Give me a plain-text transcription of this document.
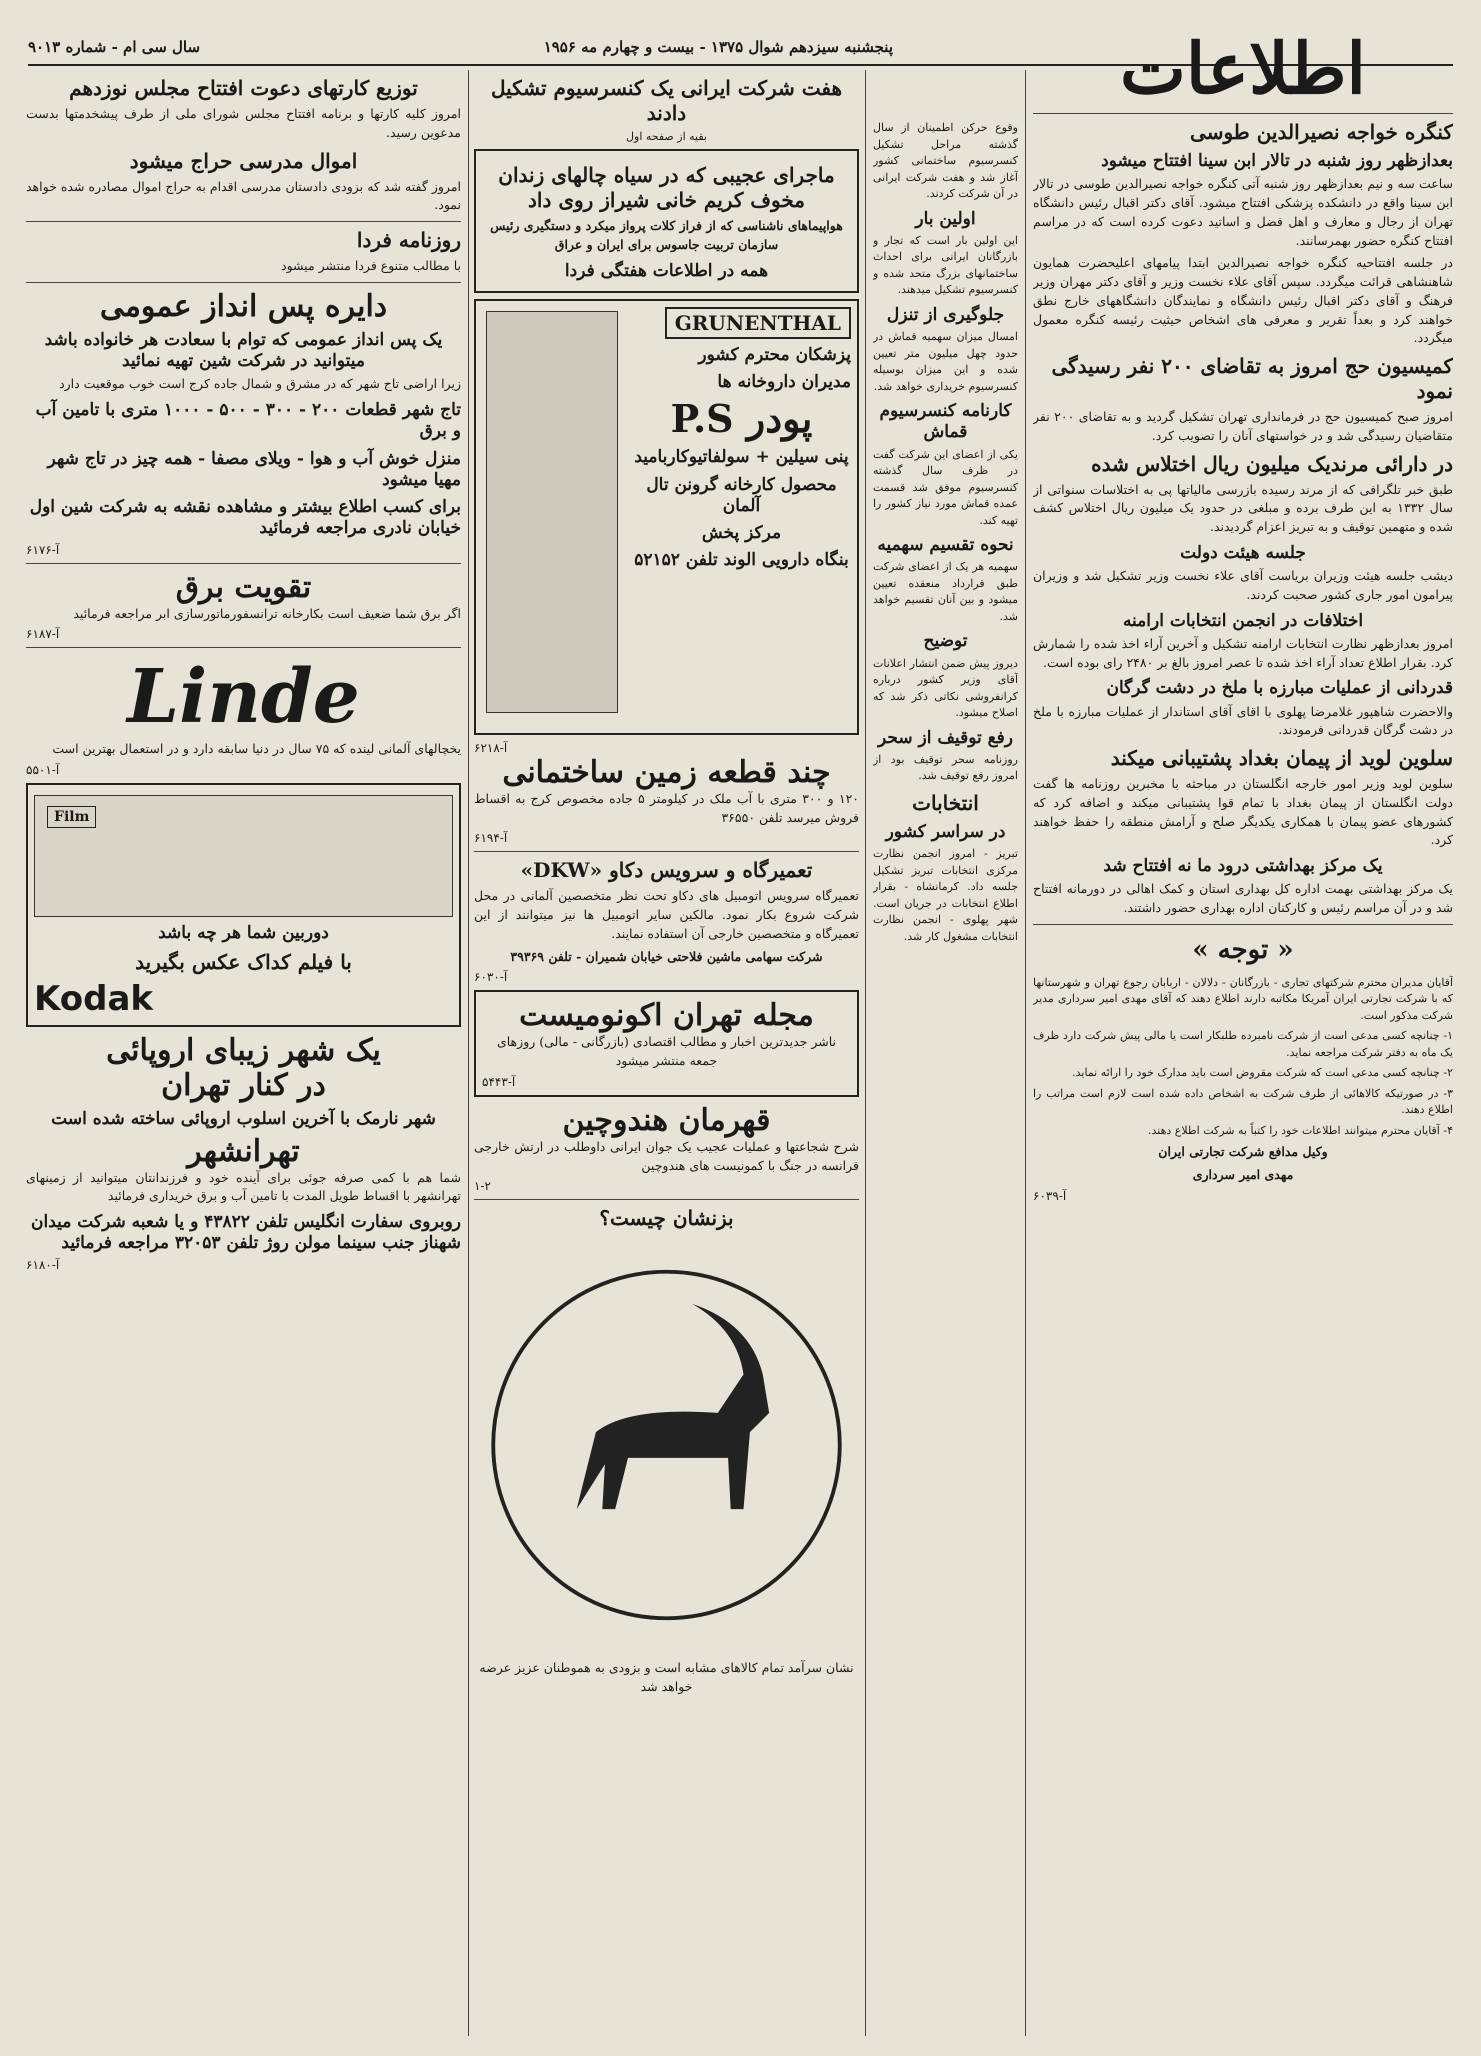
پنجشنبه سیزدهم شوال ۱۳۷۵ - بیست و چهارم مه ۱۹۵۶
سال سی ام - شماره ۹۰۱۳	اطلاعات
کنگره خواجه نصیرالدین طوسی
بعدازظهر روز شنبه در تالار ابن سینا افتتاح میشود

ساعت سه و نیم بعدازظهر روز شنبه آتی کنگره خواجه نصیرالدین طوسی در تالار ابن سینا واقع در دانشکده پزشکی افتتاح میشود. آقای دکتر اقبال رئیس دانشگاه تهران از رجال و معارف و اهل فضل و اساتید دعوت کرده است که در مراسم افتتاح کنگره حضور بهمرسانند.

در جلسه افتتاحیه کنگره خواجه نصیرالدین ابتدا پیامهای اعلیحضرت همایون شاهنشاهی قرائت میگردد. سپس آقای علاء نخست وزیر و آقای دکتر مهران وزیر فرهنگ و آقای دکتر اقبال رئیس دانشگاه و نمایندگان دانشگاههای خارج نطق خواهند کرد و بعداً تقریر و معرفی های اشخاص حیثیت رئیسه کنگره معمول میگردد.

کمیسیون حج امروز به تقاضای ۲۰۰ نفر رسیدگی نمود

امروز صبح کمیسیون حج در فرمانداری تهران تشکیل گردید و به تقاضای ۲۰۰ نفر متقاضیان رسیدگی شد و در خواستهای آنان را تصویب کرد.

در دارائی مرندیک میلیون ریال اختلاس شده

طبق خبر تلگرافی که از مرند رسیده بازرسی مالیاتها پی به اختلاسات سنواتی از سال ۱۳۳۲ به این طرف برده و مبلغی در حدود یک میلیون ریال اختلاس کشف شده و متهمین توقیف و به تبریز اعزام گردیدند.

جلسه هیئت دولت

دیشب جلسه هیئت وزیران بریاست آقای علاء نخست وزیر تشکیل شد و وزیران پیرامون امور جاری کشور صحبت کردند.

اختلافات در انجمن انتخابات ارامنه

امروز بعدازظهر نظارت انتخابات ارامنه تشکیل و آخرین آراء اخذ شده را شمارش کرد. بقرار اطلاع تعداد آراء اخذ شده تا عصر امروز بالغ بر ۲۴۸۰ رای بوده است.

قدردانی از عملیات مبارزه با ملخ در دشت گرگان

والاحضرت شاهپور غلامرضا پهلوی با اقای آقای استاندار از عملیات مبارزه با ملخ در دشت گرگان قدردانی فرمودند.

سلوین لوید از پیمان بغداد پشتیبانی میکند

سلوین لوید وزیر امور خارجه انگلستان در مباحثه با مخبرین روزنامه ها گفت دولت انگلستان از پیمان بغداد با تمام قوا پشتیبانی میکند و اضافه کرد که کشورهای عضو پیمان با همکاری یکدیگر صلح و آرامش منطقه را حفظ خواهند کرد.

یک مرکز بهداشتی درود ما نه افتتاح شد

یک مرکز بهداشتی بهمت اداره کل بهداری استان و کمک اهالی در دورمانه افتتاح شد و در آن مراسم رئیس و کارکنان اداره بهداری حضور داشتند.

« توجه »

آقایان مدیران محترم شرکتهای تجاری - بازرگانان - دلالان - اربابان رجوع تهران و شهرستانها که با شرکت تجارتی ایران آمریکا مکاتبه دارند اطلاع دهند که آقای مهدی امیر سرداری مدیر شرکت مذکور است.

۱- چنانچه کسی مدعی است از شرکت نامبرده طلبکار است یا مالی پیش شرکت دارد ظرف یک ماه به دفتر شرکت مراجعه نماید.

۲- چنانچه کسی مدعی است که شرکت مقروض است باید مدارک خود را ارائه نماید.

۳- در صورتیکه کالاهائی از طرف شرکت به اشخاص داده شده است لازم است مراتب را اطلاع دهند.

۴- آقایان محترم میتوانند اطلاعات خود را کتباً به شرکت اطلاع دهند.

وکیل مدافع شرکت تجارتی ایران

مهدی امیر سرداری

آ-۶۰۳۹

وقوع حرکن اطمینان از سال گذشته مراحل تشکیل کنسرسیوم ساختمانی کشور آغاز شد و هفت شرکت ایرانی در آن شرکت کردند.

اولین بار

این اولین بار است که تجار و بازرگانان ایرانی برای احداث ساختمانهای بزرگ متحد شده و کنسرسیوم تشکیل میدهند.

جلوگیری از تنزل

امسال میزان سهمیه قماش در حدود چهل میلیون متر تعیین شده و این میزان بوسیله کنسرسیوم خریداری خواهد شد.

کارنامه کنسرسیوم قماش

یکی از اعضای این شرکت گفت در ظرف سال گذشته کنسرسیوم موفق شد قسمت عمده قماش مورد نیاز کشور را تهیه کند.

نحوه تقسیم سهمیه

سهمیه هر یک از اعضای شرکت طبق قرارداد منعقده تعیین میشود و بین آنان تقسیم خواهد شد.

توضیح

دیروز پیش ضمن انتشار اعلانات آقای وزیر کشور درباره کرانفروشی نکاتی ذکر شد که اصلاح میشود.

رفع توقیف از سحر

روزنامه سحر توقیف بود از امروز رفع توقیف شد.

انتخابات
در سراسر کشور

تبریز - امروز انجمن نظارت مرکزی انتخابات تبریز تشکیل جلسه داد. کرمانشاه - بقرار اطلاع انتخابات در جریان است. شهر پهلوی - انجمن نظارت انتخابات مشغول کار شد.

هفت شرکت ایرانی یک کنسرسیوم تشکیل دادند
بقیه از صفحه اول
ماجرای عجیبی که در سیاه چالهای زندان مخوف کریم خانی شیراز روی داد

هواپیماهای ناشناسی که از فراز کلات پرواز میکرد و دستگیری رئیس سازمان تربیت جاسوس برای ایران و عراق

همه در اطلاعات هفتگی فردا
GRUNENTHAL
پزشکان محترم کشور
مدیران داروخانه ها
پودر P.S
پنی سیلین + سولفاتیوکاربامید
محصول کارخانه گرونن تال آلمان
مرکز پخش
بنگاه دارویی الوند تلفن ۵۲۱۵۲
آ-۶۲۱۸
چند قطعه زمین ساختمانی

۱۲۰ و ۳۰۰ متری با آب ملک در کیلومتر ۵ جاده مخصوص کرج به اقساط فروش میرسد تلفن ۳۶۵۵۰

آ-۶۱۹۴
تعمیرگاه و سرویس دکاو «DKW»

تعمیرگاه سرویس اتومبیل های دکاو تحت نظر متخصصین آلمانی در محل شرکت شروع بکار نمود. مالکین سایر اتومبیل ها نیز میتوانند از این تعمیرگاه و متخصصین خارجی آن استفاده نمایند.

شرکت سهامی ماشین فلاحتی خیابان شمیران - تلفن ۳۹۳۶۹

آ-۶۰۳۰
مجله تهران اکونومیست

ناشر جدیدترین اخبار و مطالب اقتصادی (بازرگانی - مالی) روزهای جمعه منتشر میشود

آ-۵۴۴۳
قهرمان هندوچین

شرح شجاعتها و عملیات عجیب یک جوان ایرانی داوطلب در ارتش خارجی فرانسه در جنگ با کمونیست های هندوچین

۱-۲
بزنشان چیست؟

نشان سرآمد تمام کالاهای مشابه است و بزودی به هموطنان عزیز عرضه خواهد شد

توزیع کارتهای دعوت افتتاح مجلس نوزدهم

امروز کلیه کارتها و برنامه افتتاح مجلس شورای ملی از طرف پیشخدمتها بدست مدعوین رسید.

اموال مدرسی حراج میشود

امروز گفته شد که بزودی دادستان مدرسی اقدام به حراج اموال مصادره شده خواهد نمود.

روزنامه فردا

با مطالب متنوع فردا منتشر میشود

دایره پس انداز عمومی
یک پس انداز عمومی که توام با سعادت هر خانواده باشد میتوانید در شرکت شین تهیه نمائید

زیرا اراضی تاج شهر که در مشرق و شمال جاده کرج است خوب موقعیت دارد

تاج شهر قطعات ۲۰۰ - ۳۰۰ - ۵۰۰ - ۱۰۰۰ متری با تامین آب و برق
منزل خوش آب و هوا - ویلای مصفا - همه چیز در تاج شهر مهیا میشود
برای کسب اطلاع بیشتر و مشاهده نقشه به شرکت شین اول خیابان نادری مراجعه فرمائید
آ-۶۱۷۶
تقویت برق

اگر برق شما ضعیف است بکارخانه ترانسفورماتورسازی ابر مراجعه فرمائید

آ-۶۱۸۷
Linde

یخچالهای آلمانی لینده که ۷۵ سال در دنیا سابقه دارد و در استعمال بهترین است

آ-۵۵۰۱
Film
دوربین شما هر چه باشد
با فیلم کداک عکس بگیرید
Kodak
یک شهر زیبای اروپائی
در کنار تهران
شهر نارمک با آخرین اسلوب اروپائی ساخته شده است
تهرانشهر

شما هم با کمی صرفه جوئی برای آینده خود و فرزندانتان میتوانید از زمینهای تهرانشهر با اقساط طویل المدت با تامین آب و برق خریداری فرمائید

روبروی سفارت انگلیس تلفن ۴۳۸۲۲ و یا شعبه شرکت میدان شهناز جنب سینما مولن روژ تلفن ۳۲۰۵۳ مراجعه فرمائید
آ-۶۱۸۰
